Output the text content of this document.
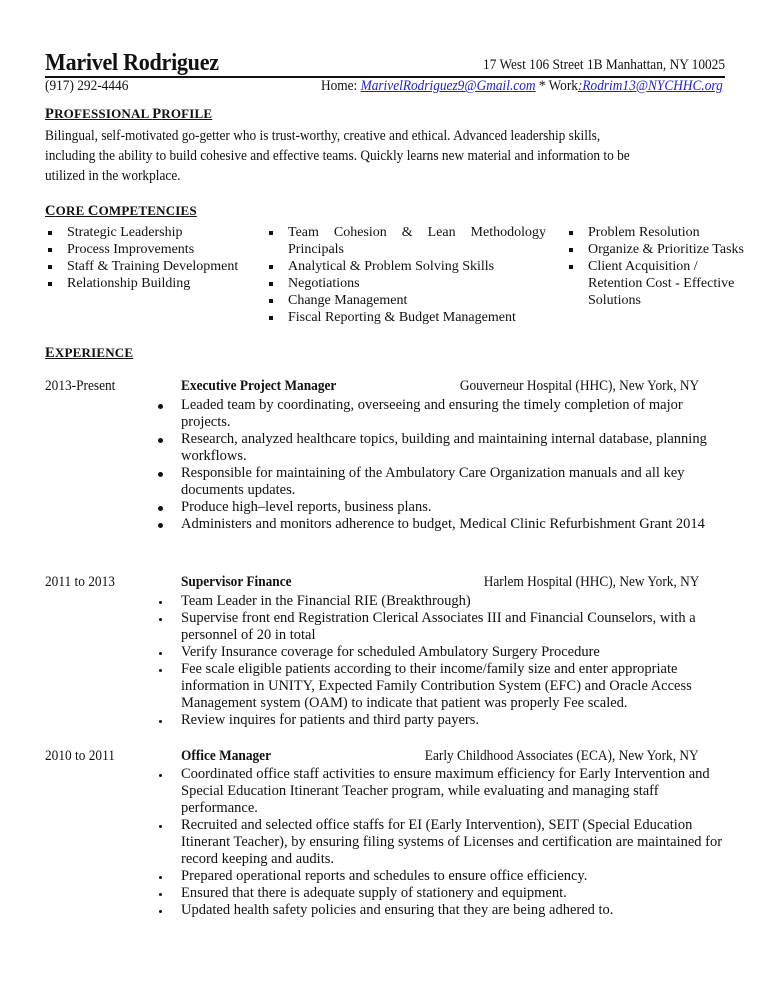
Marivel Rodriguez	17 West 106 Street 1B Manhattan, NY 10025
(917) 292-4446	Home: MarivelRodriguez9@Gmail.com * Work:Rodrim13@NYCHHC.org
PROFESSIONAL PROFILE
Bilingual, self-motivated go-getter who is trust-worthy, creative and ethical. Advanced leadership skills,
including the ability to build cohesive and effective teams. Quickly learns new material and information to be
utilized in the workplace.
CORE COMPETENCIES
Strategic Leadership
Process Improvements
Staff & Training Development
Relationship Building
Team Cohesion & Lean Methodology Principals
Analytical & Problem Solving Skills
Negotiations
Change Management
Fiscal Reporting & Budget Management
Problem Resolution
Organize & Prioritize Tasks
Client Acquisition / Retention Cost - Effective Solutions
EXPERIENCE
2013-Present	Executive Project Manager	Gouverneur Hospital (HHC), New York, NY
Leaded team by coordinating, overseeing and ensuring the timely completion of major projects.
Research, analyzed healthcare topics, building and maintaining internal database, planning workflows.
Responsible for maintaining of the Ambulatory Care Organization manuals and all key documents updates.
Produce high–level reports, business plans.
Administers and monitors adherence to budget, Medical Clinic Refurbishment Grant 2014
2011 to 2013	Supervisor Finance	Harlem Hospital (HHC), New York, NY
Team Leader in the Financial RIE (Breakthrough)
Supervise front end Registration Clerical Associates III and Financial Counselors, with a personnel of 20 in total
Verify Insurance coverage for scheduled Ambulatory Surgery Procedure
Fee scale eligible patients according to their income/family size and enter appropriate information in UNITY, Expected Family Contribution System (EFC) and Oracle Access Management system (OAM) to indicate that patient was properly Fee scaled.
Review inquires for patients and third party payers.
2010 to 2011	Office Manager	Early Childhood Associates (ECA), New York, NY
Coordinated office staff activities to ensure maximum efficiency for Early Intervention and Special Education Itinerant Teacher program, while evaluating and managing staff performance.
Recruited and selected office staffs for EI (Early Intervention), SEIT (Special Education Itinerant Teacher), by ensuring filing systems of Licenses and certification are maintained for record keeping and audits.
Prepared operational reports and schedules to ensure office efficiency.
Ensured that there is adequate supply of stationery and equipment.
Updated health safety policies and ensuring that they are being adhered to.
